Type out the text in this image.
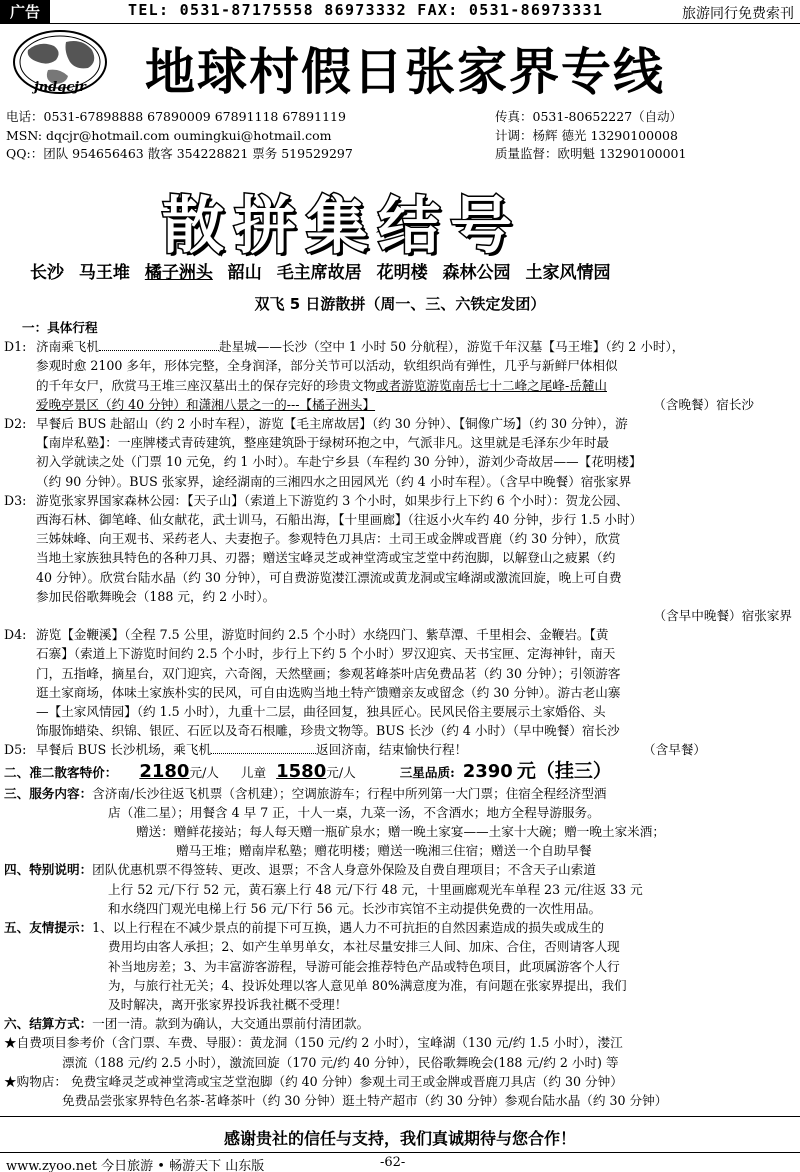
广告	TEL: 0531-87175558 86973332 FAX: 0531-86973331	旅游同行免费索刊
jndqcjr 地球村假日张家界专线
电话：0531-67898888 67890009 67891118 67891119
MSN: dqcjr@hotmail.com oumingkui@hotmail.com
QQ:：团队 954656463 散客 354228821 票务 519529297
传真：0531-80652227（自动）
计调：杨辉 德光 13290100008
质量监督：欧明魁 13290100001
散拼集结号
长沙 马王堆 橘子洲头 韶山 毛主席故居 花明楼 森林公园 土家风情园
双飞 5 日游散拼（周一、三、六铁定发团）
一：具体行程
D1: 济南乘飞机	赴星城——长沙（空中 1 小时 50 分航程），游览千年汉墓【马王堆】（约 2 小时），
参观时愈 2100 多年，形体完整，全身润泽，部分关节可以活动，软组织尚有弹性，几乎与新鲜尸体相似
的千年女尸，欣赏马王堆三座汉墓出土的保存完好的珍贵文物或者游览游览南岳七十二峰之尾峰-岳麓山
爱晚亭景区（约 40 分钟）和潇湘八景之一的---【橘子洲头】	（含晚餐）宿长沙
D2: 早餐后 BUS 赴韶山（约 2 小时车程），游览【毛主席故居】（约 30 分钟）、【铜像广场】（约 30 分钟），游
【南岸私塾】：一座牌楼式青砖建筑，整座建筑卧于绿树环抱之中，气派非凡。这里就是毛泽东少年时最
初入学就读之处（门票 10 元免，约 1 小时）。车赴宁乡县（车程约 30 分钟），游刘少奇故居——【花明楼】
（约 90 分钟）。BUS 张家界，途经湖南的三湘四水之田园风光（约 4 小时车程）。（含早中晚餐）宿张家界
D3: 游览张家界国家森林公园：【天子山】（索道上下游览约 3 个小时，如果步行上下约 6 个小时）：贺龙公园、
西海石林、御笔峰、仙女献花，武士训马，石船出海，【十里画廊】（往返小火车约 40 分钟，步行 1.5 小时）
三姊妹峰、向王观书、采药老人、夫妻抱子。参观特色刀具店：土司王或金牌或晋鹿（约 30 分钟），欣赏
当地土家族独具特色的各种刀具、刃器；赠送宝峰灵芝或神堂湾或宝芝堂中药泡脚，以解登山之疲累（约
40 分钟）。欣赏台陆水晶（约 30 分钟），可自费游览漤江漂流或黄龙洞或宝峰湖或激流回旋，晚上可自费
参加民俗歌舞晚会（188 元，约 2 小时）。
（含早中晚餐）宿张家界
D4: 游览【金鞭溪】（全程 7.5 公里，游览时间约 2.5 个小时）水绕四门、紫草潭、千里相会、金鞭岩。【黄
石寨】（索道上下游览时间约 2.5 个小时，步行上下约 5 个小时）罗汉迎宾、天书宝匣、定海神针，南天
门，五指峰，摘星台，双门迎宾，六奇阁，天然壁画；参观茗峰茶叶店免费品茗（约 30 分钟）；引领游客
逛土家商场，体味土家族朴实的民风，可自由选购当地土特产馈赠亲友或留念（约 30 分钟）。游古老山寨
—【土家风情园】（约 1.5 小时），九重十二层，曲径回复，独具匠心。民风民俗主要展示土家婚俗、头
饰服饰蜡染、织锦、银匠、石匠以及奇石根雕，珍贵文物等。BUS 长沙（约 4 小时）（早中晚餐）宿长沙
D5: 早餐后 BUS 长沙机场，乘飞机	返回济南，结束愉快行程！	（含早餐）
二、准二散客特价： 2180元/人 儿童 1580元/人	三星品质: 2390 元（挂三）
三、服务内容：含济南/长沙往返飞机票（含机建）；空调旅游车；行程中所列第一大门票；住宿全程经济型酒
店（准二星）；用餐含 4 早 7 正，十人一桌，九菜一汤，不含酒水；地方全程导游服务。
赠送：赠鲜花接站；每人每天赠一瓶矿泉水；赠一晚土家宴——土家十大碗；赠一晚土家米酒；
赠马王堆；赠南岸私塾；赠花明楼；赠送一晚湘三住宿；赠送一个自助早餐
四、特别说明：团队优惠机票不得签转、更改、退票；不含人身意外保险及自费自理项目；不含天子山索道
上行 52 元/下行 52 元，黄石寨上行 48 元/下行 48 元，十里画廊观光车单程 23 元/往返 33 元
和水绕四门观光电梯上行 56 元/下行 56 元。长沙市宾馆不主动提供免费的一次性用品。
五、友情提示：1、以上行程在不减少景点的前提下可互换，遇人力不可抗拒的自然因素造成的损失或成生的
费用均由客人承担；2、如产生单男单女，本社尽量安排三人间、加床、合住，否则请客人现
补当地房差；3、为丰富游客游程，导游可能会推荐特色产品或特色项目，此项属游客个人行
为，与旅行社无关；4、投诉处理以客人意见单 80%满意度为准，有问题在张家界提出，我们
及时解决，离开张家界投诉我社概不受理！
六、结算方式：一团一清。款到为确认，大交通出票前付清团款。
★自费项目参考价（含门票、车费、导服）：黄龙洞（150 元/约 2 小时），宝峰湖（130 元/约 1.5 小时），漤江
漂流（188 元/约 2.5 小时），激流回旋（170 元/约 40 分钟），民俗歌舞晚会(188 元/约 2 小时) 等
★购物店： 免费宝峰灵芝或神堂湾或宝芝堂泡脚（约 40 分钟）参观土司王或金牌或晋鹿刀具店（约 30 分钟）
免费品尝张家界特色名茶-茗峰茶叶（约 30 分钟）逛土特产超市（约 30 分钟）参观台陆水晶（约 30 分钟）
感谢贵社的信任与支持，我们真诚期待与您合作！
www.zyoo.net 今日旅游 • 畅游天下 山东版	-62-
